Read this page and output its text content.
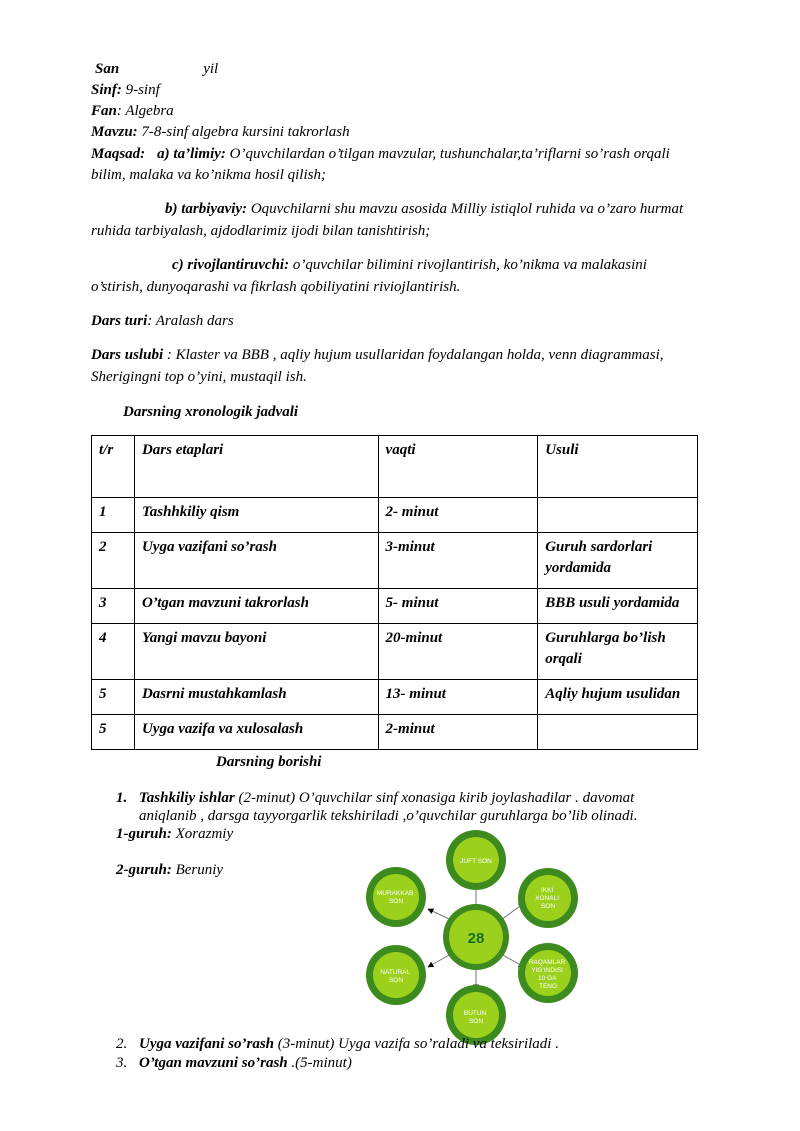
San	yil
Sinf: 9-sinf
Fan: Algebra
Mavzu: 7-8-sinf algebra kursini takrorlash
Maqsad: a) ta’limiy: O’quvchilardan o’tilgan mavzular, tushunchalar,ta’riflarni so’rash orqali
bilim, malaka va ko’nikma hosil qilish;
b) tarbiyaviy: Oquvchilarni shu mavzu asosida Milliy istiqlol ruhida va o’zaro hurmat
ruhida tarbiyalash, ajdodlarimiz ijodi bilan tanishtirish;
c) rivojlantiruvchi: o’quvchilar bilimini rivojlantirish, ko’nikma va malakasini
o’stirish, dunyoqarashi va fikrlash qobiliyatini riviojlantirish.
Dars turi: Aralash dars
Dars uslubi : Klaster va BBB , aqliy hujum usullaridan foydalangan holda, venn diagrammasi,
Sherigingni top o’yini, mustaqil ish.
Darsning xronologik jadvali
t/r	Dars etaplari	vaqti	Usuli
1	Tashhkiliy qism	2- minut	
2	Uyga vazifani so’rash	3-minut	Guruh sardorlari yordamida
3	O’tgan mavzuni takrorlash	5- minut	BBB usuli yordamida
4	Yangi mavzu bayoni	20-minut	Guruhlarga bo’lish orqali
5	Dasrni mustahkamlash	13- minut	Aqliy hujum usulidan
5	Uyga vazifa va xulosalash	2-minut	
Darsning borishi
1. Tashkiliy ishlar (2-minut) O’quvchilar sinf xonasiga kirib joylashadilar . davomat
aniqlanib , darsga tayyorgarlik tekshiriladi ,o’quvchilar guruhlarga bo’lib olinadi.
1-guruh: Xorazmiy
2-guruh: Beruniy
JUFT SON
IKKI XONALI SON
RAQAMLAR YIG’INDISI 10 GA TENG
BUTUN SON
NATURAL SON
MURAKKAB SON
28
2. Uyga vazifani so’rash (3-minut) Uyga vazifa so’raladi va teksiriladi .
3. O’tgan mavzuni so’rash .(5-minut)
